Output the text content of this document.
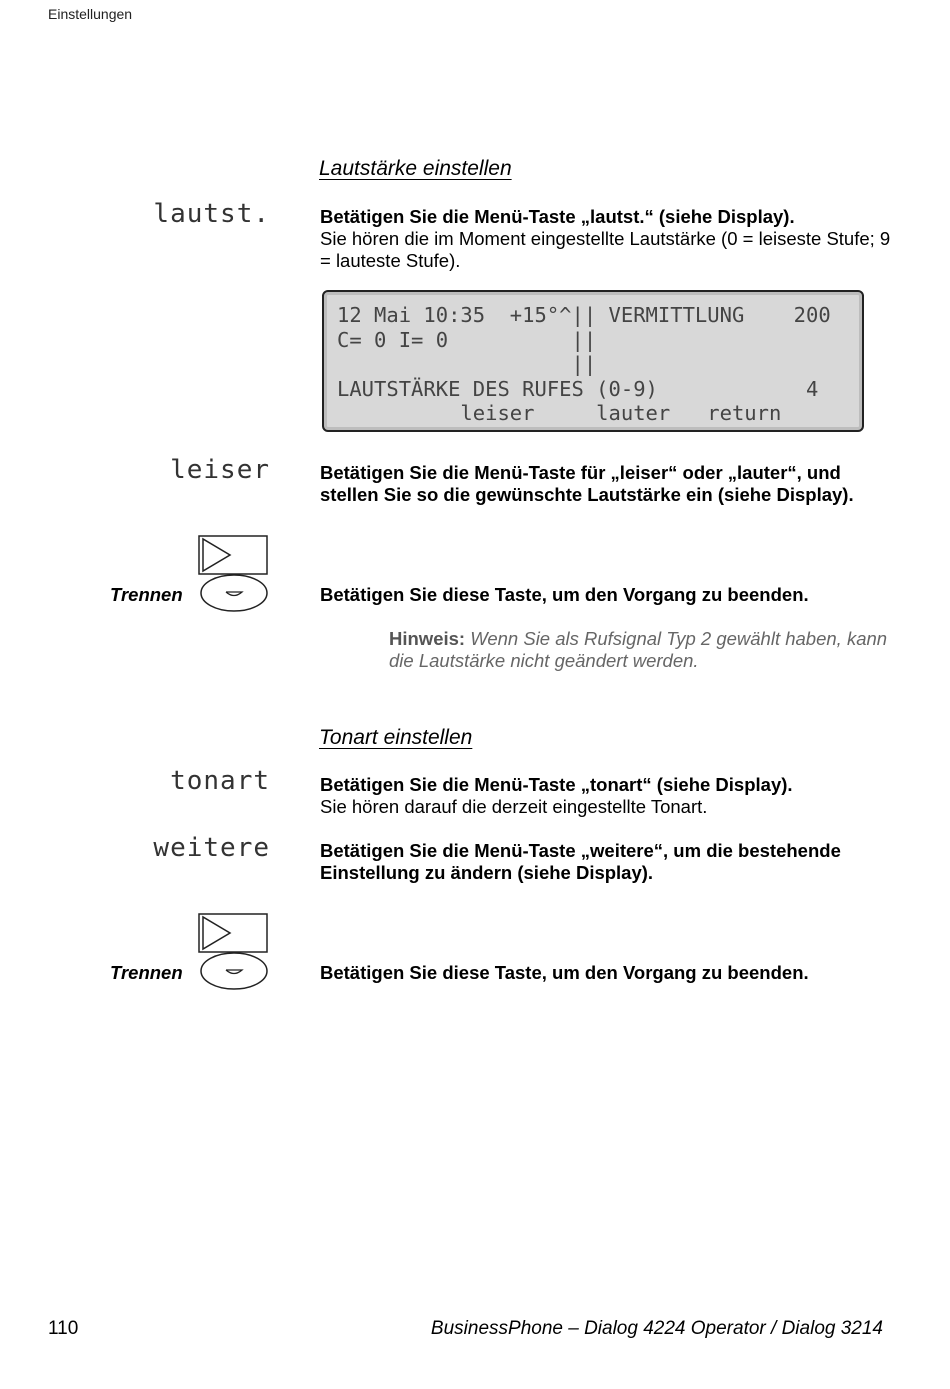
Einstellungen
Lautstärke einstellen
lautst.	Betätigen Sie die Menü-Taste „lautst.“ (siehe Display).
Sie hören die im Moment eingestellte Lautstärke (0 = leiseste Stufe; 9 = lauteste Stufe).
12 Mai 10:35  +15°^|| VERMITTLUNG    200
C= 0 I= 0          ||
||
LAUTSTÄRKE DES RUFES (0-9)            4
leiser     lauter   return
leiser	Betätigen Sie die Menü-Taste für „leiser“ oder „lauter“, und stellen Sie so die gewünschte Lautstärke ein (siehe Display).
Trennen	Betätigen Sie diese Taste, um den Vorgang zu beenden.
Hinweis: Wenn Sie als Rufsignal Typ 2 gewählt haben, kann die Lautstärke nicht geändert werden.
Tonart einstellen
tonart	Betätigen Sie die Menü-Taste „tonart“ (siehe Display).
Sie hören darauf die derzeit eingestellte Tonart.
weitere	Betätigen Sie die Menü-Taste „weitere“, um die bestehende Einstellung zu ändern (siehe Display).
Trennen	Betätigen Sie diese Taste, um den Vorgang zu beenden.
110	BusinessPhone – Dialog 4224 Operator / Dialog 3214
